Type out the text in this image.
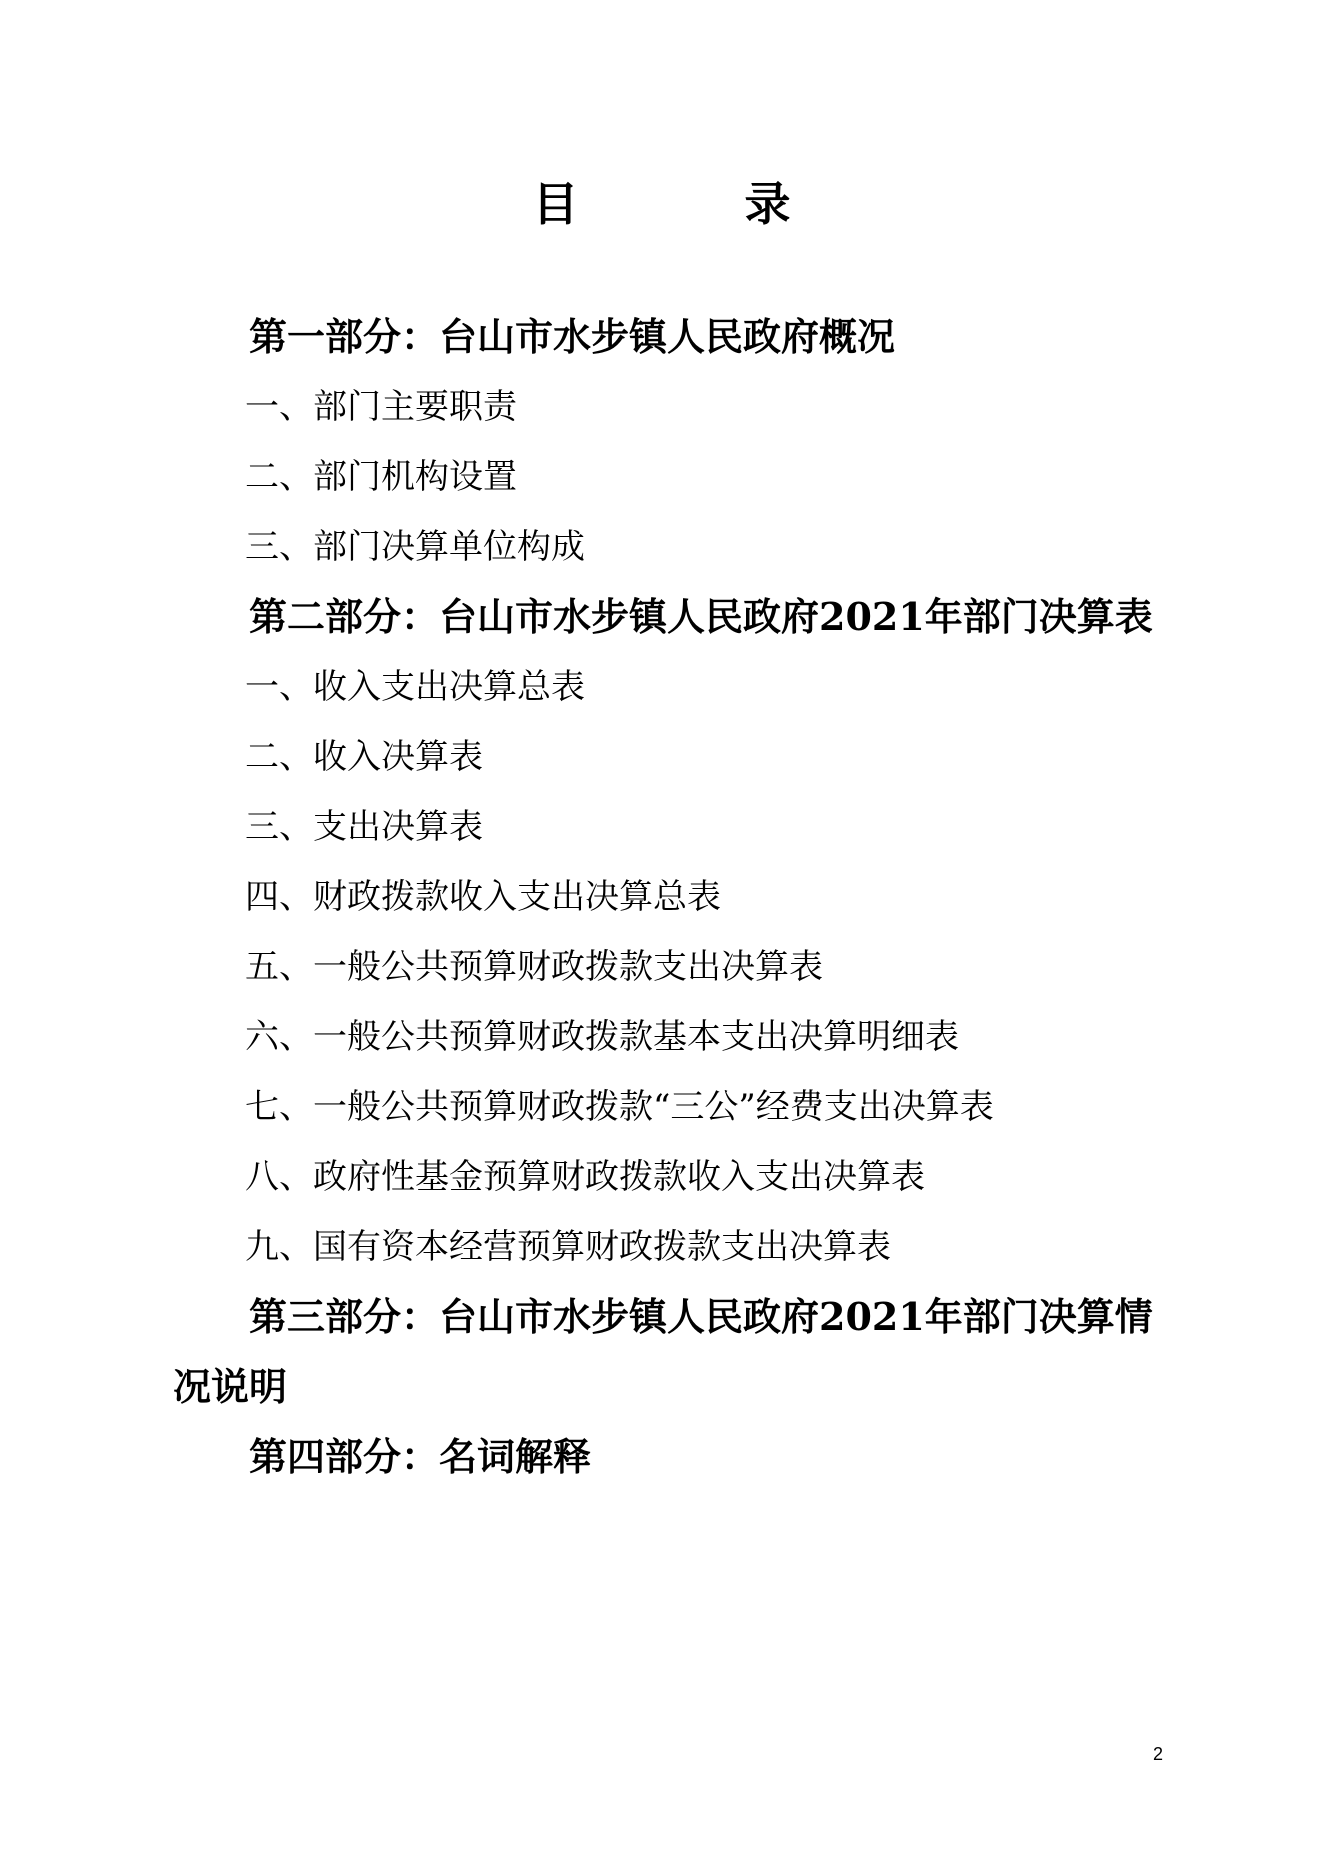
目	录

第一部分：台山市水步镇人民政府概况

一、部门主要职责

二、部门机构设置

三、部门决算单位构成

第二部分：台山市水步镇人民政府2021年部门决算表

一、收入支出决算总表

二、收入决算表

三、支出决算表

四、财政拨款收入支出决算总表

五、一般公共预算财政拨款支出决算表

六、一般公共预算财政拨款基本支出决算明细表

七、一般公共预算财政拨款“三公”经费支出决算表

八、政府性基金预算财政拨款收入支出决算表

九、国有资本经营预算财政拨款支出决算表

第三部分：台山市水步镇人民政府2021年部门决算情况说明

第四部分：名词解释

2
